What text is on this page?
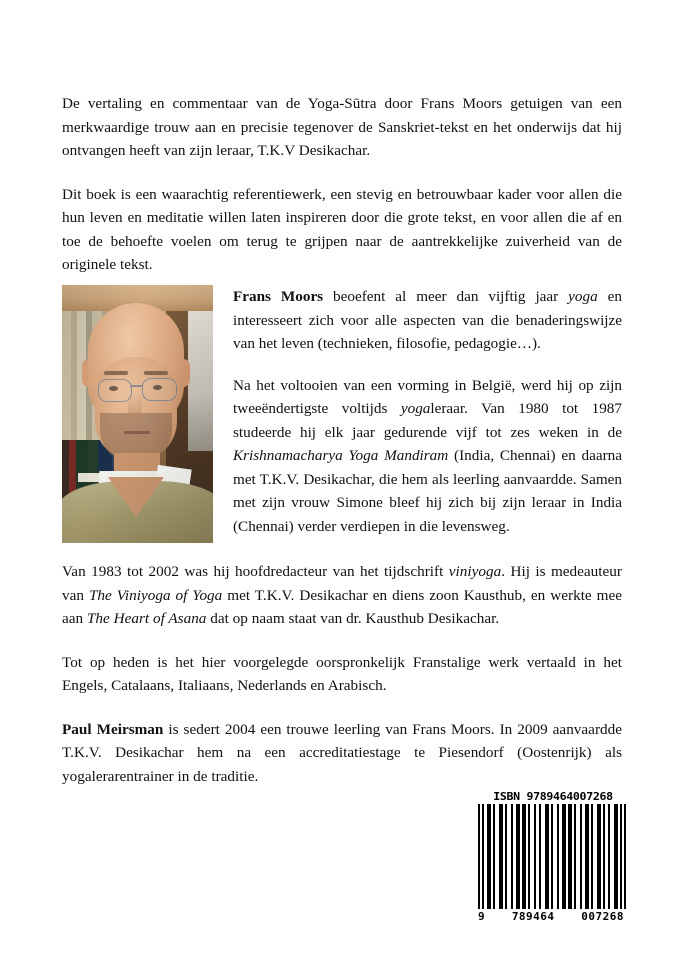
De vertaling en commentaar van de Yoga-Sūtra door Frans Moors getuigen van een merkwaardige trouw aan en precisie tegenover de Sanskriet-tekst en het onderwijs dat hij ontvangen heeft van zijn leraar, T.K.V Desikachar.

Dit boek is een waarachtig referentiewerk, een stevig en betrouwbaar kader voor allen die hun leven en meditatie willen laten inspireren door die grote tekst, en voor allen die af en toe de behoefte voelen om terug te grijpen naar de aantrekkelijke zuiverheid van de originele tekst.

Frans Moors beoefent al meer dan vijftig jaar yoga en interesseert zich voor alle aspecten van die benaderingswijze van het leven (technieken, filosofie, pedagogie…).

Na het voltooien van een vorming in België, werd hij op zijn tweeëndertigste voltijds yogaleraar. Van 1980 tot 1987 studeerde hij elk jaar gedurende vijf tot zes weken in de Krishnamacharya Yoga Mandiram (India, Chennai) en daarna met T.K.V. Desikachar, die hem als leerling aanvaardde. Samen met zijn vrouw Simone bleef hij zich bij zijn leraar in India (Chennai) verder verdiepen in die levensweg.

Van 1983 tot 2002 was hij hoofdredacteur van het tijdschrift viniyoga. Hij is medeauteur van The Viniyoga of Yoga met T.K.V. Desikachar en diens zoon Kausthub, en werkte mee aan The Heart of Asana dat op naam staat van dr. Kausthub Desikachar.

Tot op heden is het hier voorgelegde oorspronkelijk Franstalige werk vertaald in het Engels, Catalaans, Italiaans, Nederlands en Arabisch.

Paul Meirsman is sedert 2004 een trouwe leerling van Frans Moors. In 2009 aanvaardde T.K.V. Desikachar hem na een accreditatiestage te Piesendorf (Oostenrijk) als yogalerarentrainer in de traditie.

ISBN 9789464007268
9 789464 007268
